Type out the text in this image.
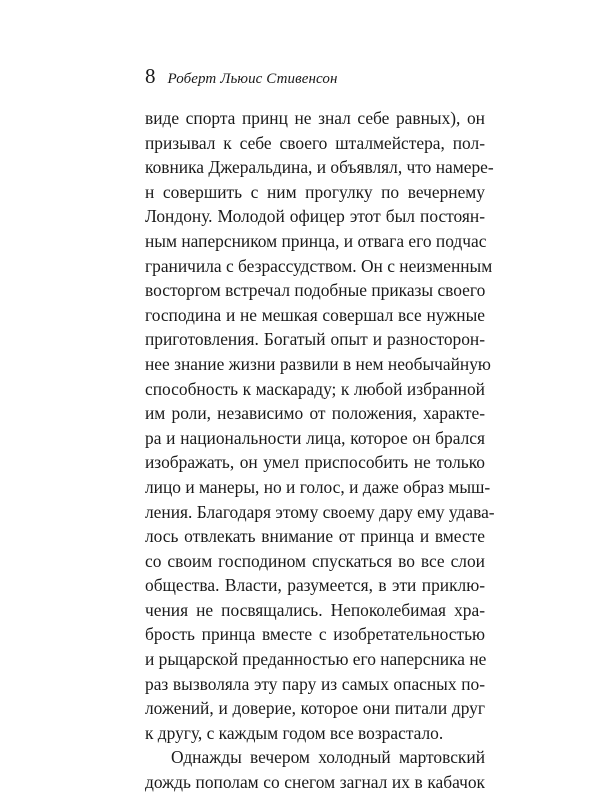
8 Роберт Льюис Стивенсон
виде спорта принц не знал себе равных), он
призывал к себе своего шталмейстера, пол-
ковника Джеральдина, и объявлял, что намере-
н совершить с ним прогулку по вечернему
Лондону. Молодой офицер этот был постоян-
ным наперсником принца, и отвага его подчас
граничила с безрассудством. Он с неизменным
восторгом встречал подобные приказы своего
господина и не мешкая совершал все нужные
приготовления. Богатый опыт и разносторон-
нее знание жизни развили в нем необычайную
способность к маскараду; к любой избранной
им роли, независимо от положения, характе-
ра и национальности лица, которое он брался
изображать, он умел приспособить не только
лицо и манеры, но и голос, и даже образ мыш-
ления. Благодаря этому своему дару ему удава-
лось отвлекать внимание от принца и вместе
со своим господином спускаться во все слои
общества. Власти, разумеется, в эти приклю-
чения не посвящались. Непоколебимая хра-
брость принца вместе с изобретательностью
и рыцарской преданностью его наперсника не
раз вызволяла эту пару из самых опасных по-
ложений, и доверие, которое они питали друг
к другу, с каждым годом все возрастало.
Однажды вечером холодный мартовский
дождь пополам со снегом загнал их в кабачок
